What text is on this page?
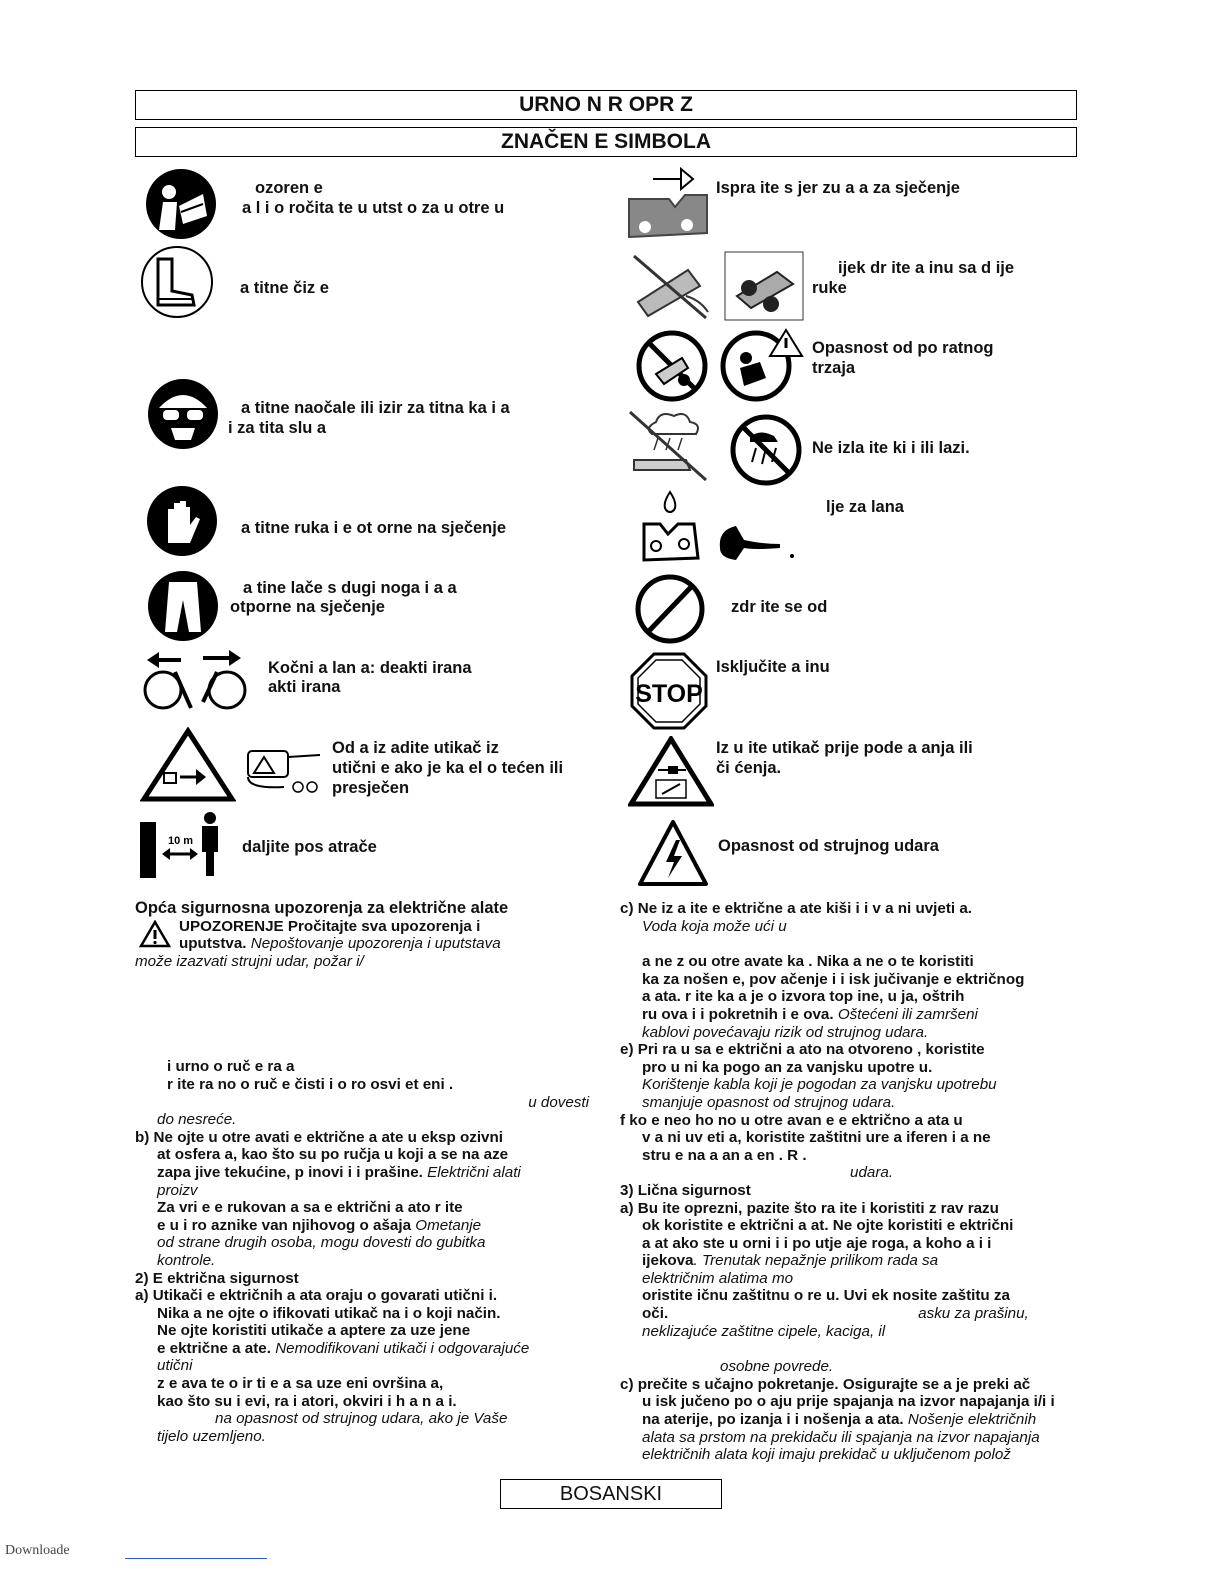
URNO N R OPR Z
ZNAČEN E SIMBOLA
ozoren e
a l i o ročita te u utst o za u otre u
a titne čiz e
a titne naočale ili izir za titna ka i a
i za tita slu a
a titne ruka i e ot orne na sječenje
a tine lače s dugi noga i a a
otporne na sječenje
Kočni a lan a: deakti irana
akti irana
Od a iz adite utikač iz
utični e ako je ka el o tećen ili
presječen
10 m	daljite pos atrače
Ispra ite s jer zu a a za sječenje
ijek dr ite a inu sa d ije
ruke
Opasnost od po ratnog
trzaja
Ne izla ite ki i ili lazi.
lje za lana
zdr ite se od
STOP
Isključite a inu
Iz u ite utikač prije pode a anja ili
či ćenja.
Opasnost od strujnog udara

Opća sigurnosna upozorenja za električne alate

UPOZORENJE Pročitajte sva upozorenja i

uputstva. Nepoštovanje upozorenja i uputstava

može izazvati strujni udar, požar i/

i urno o ruč e ra a

r ite ra no o ruč e čisti i o ro osvi et eni .

u dovesti

do nesreće.

b) Ne ojte u otre avati e ektrične a ate u eksp ozivni

at osfera a, kao što su po ručja u koji a se na aze

zapa jive tekućine, p inovi i i prašine. Električni alati

proizv

Za vri e e rukovan a sa e ektrični a ato r ite

e u i ro aznike van njihovog o ašaja Ometanje

od strane drugih osoba, mogu dovesti do gubitka

kontrole.

2) E ektrična sigurnost

a) Utikači e ektričnih a ata oraju o govarati utični i.

Nika a ne ojte o ifikovati utikač na i o koji način.

Ne ojte koristiti utikače a aptere za uze jene

e ektrične a ate. Nemodifikovani utikači i odgovarajuće

utični

z e ava te o ir ti e a sa uze eni ovršina a,

kao što su i evi, ra i atori, okviri i h a n a i.

na opasnost od strujnog udara, ako je Vaše

tijelo uzemljeno.

c) Ne iz a ite e ektrične a ate kiši i i v a ni uvjeti a.

Voda koja može ući u

a ne z ou otre avate ka . Nika a ne o te koristiti

ka za nošen e, pov ačenje i i isk jučivanje e ektričnog

a ata. r ite ka a je o izvora top ine, u ja, oštrih

ru ova i i pokretnih i e ova. Oštećeni ili zamršeni

kablovi povećavaju rizik od strujnog udara.

e) Pri ra u sa e ektrični a ato na otvoreno , koristite

pro u ni ka pogo an za vanjsku upotre u.

Korištenje kabla koji je pogodan za vanjsku upotrebu

smanjuje opasnost od strujnog udara.

f ko e neo ho no u otre avan e e ektrično a ata u

v a ni uv eti a, koristite zaštitni ure a iferen i a ne

stru e na a an a en . R .

udara.

3) Lična sigurnost

a) Bu ite oprezni, pazite što ra ite i koristiti z rav razu

ok koristite e ektrični a at. Ne ojte koristiti e ektrični

a at ako ste u orni i i po utje aje roga, a koho a i i

ijekova. Trenutak nepažnje prilikom rada sa

električnim alatima mo

oristite ičnu zaštitnu o re u. Uvi ek nosite zaštitu za

oči.	asku za prašinu,

neklizajuće zaštitne cipele, kaciga, il

osobne povrede.

c) prečite s učajno pokretanje. Osigurajte se a je preki ač

u isk jučeno po o aju prije spajanja na izvor napajanja i/i i

na aterije, po izanja i i nošenja a ata. Nošenje električnih

alata sa prstom na prekidaču ili spajanja na izvor napajanja

električnih alata koji imaju prekidač u uključenom polož

BOSANSKI
Downloade
